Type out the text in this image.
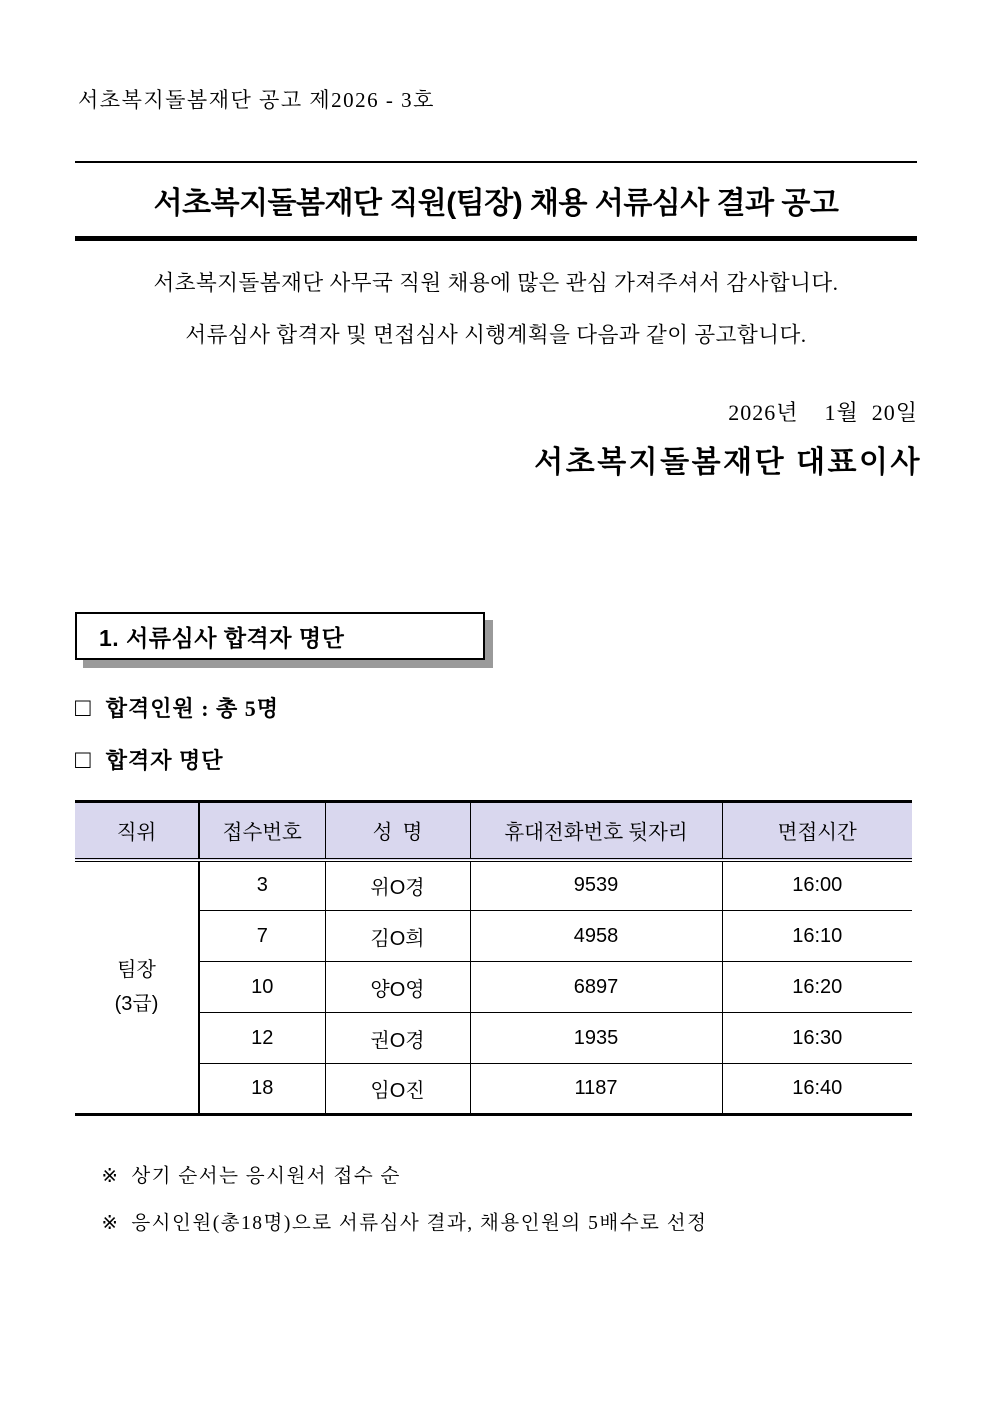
서초복지돌봄재단 공고 제2026 - 3호
서초복지돌봄재단 직원(팀장) 채용 서류심사 결과 공고

서초복지돌봄재단 사무국 직원 채용에 많은 관심 가져주셔서 감사합니다.

서류심사 합격자 및 면접심사 시행계획을 다음과 같이 공고합니다.

2026년    1월  20일
서초복지돌봄재단 대표이사
1. 서류심사 합격자 명단
□ 합격인원 : 총 5명
□ 합격자 명단
직위	접수번호	성  명	휴대전화번호 뒷자리	면접시간

팀장
(3급)	3	위O경	9539	16:00
	7	김O희	4958	16:10
	10	양O영	6897	16:20
	12	권O경	1935	16:30
	18	임O진	1187	16:40

※ 상기 순서는 응시원서 접수 순

※ 응시인원(총18명)으로 서류심사 결과, 채용인원의 5배수로 선정
